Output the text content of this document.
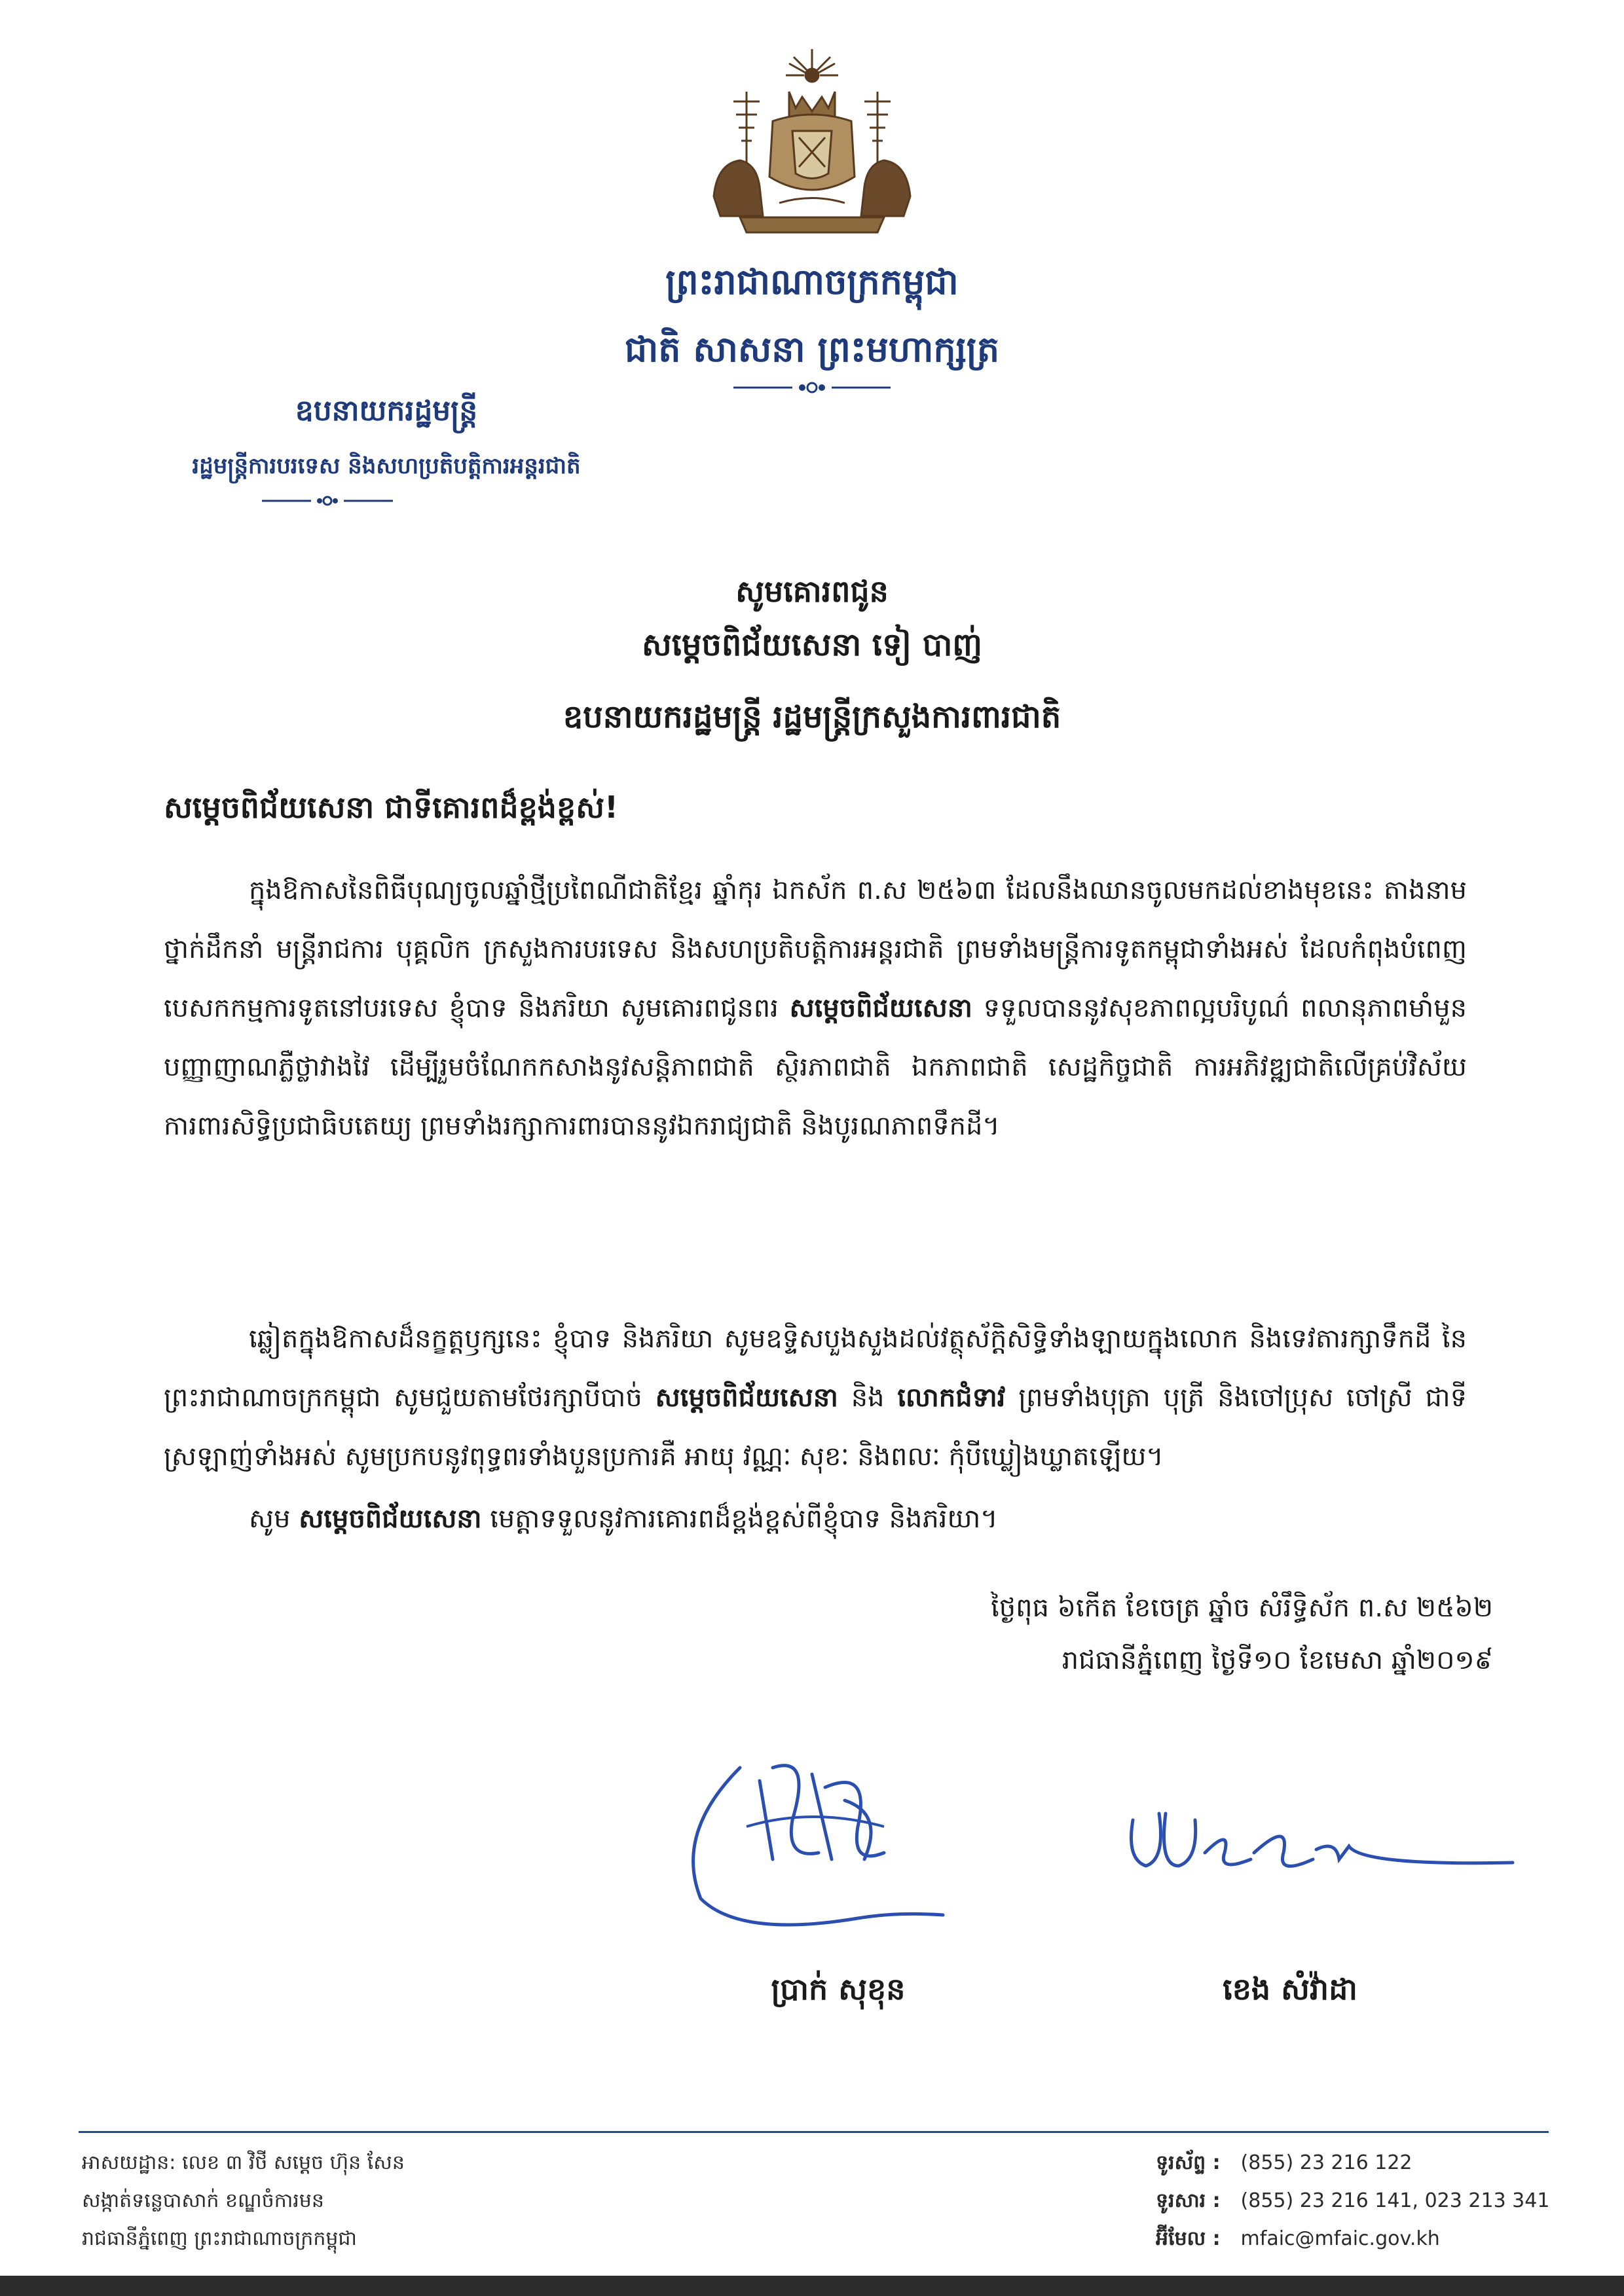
ព្រះរាជាណាចក្រកម្ពុជា
ជាតិ សាសនា ព្រះមហាក្សត្រ
ឧបនាយករដ្ឋមន្ត្រី
រដ្ឋមន្ត្រីការបរទេស និងសហប្រតិបត្តិការអន្តរជាតិ
សូមគោរពជូន
សម្តេចពិជ័យសេនា ទៀ បាញ់
ឧបនាយករដ្ឋមន្ត្រី រដ្ឋមន្ត្រីក្រសួងការពារជាតិ
សម្តេចពិជ័យសេនា ជាទីគោរពដ៏ខ្ពង់ខ្ពស់!
ក្នុងឱកាសនៃពិធីបុណ្យចូលឆ្នាំថ្មីប្រពៃណីជាតិខ្មែរ ឆ្នាំកុរ ឯកស័ក ព.ស ២៥៦៣ ដែលនឹងឈានចូលមកដល់ខាងមុខនេះ តាងនាមថ្នាក់ដឹកនាំ មន្ត្រីរាជការ បុគ្គលិក ក្រសួងការបរទេស និងសហប្រតិបត្តិការអន្តរជាតិ ព្រមទាំងមន្ត្រីការទូតកម្ពុជាទាំងអស់ ដែលកំពុងបំពេញបេសកកម្មការទូតនៅបរទេស ខ្ញុំបាទ និងភរិយា សូមគោរពជូនពរ សម្តេចពិជ័យសេនា ទទួលបាននូវសុខភាពល្អបរិបូណ៌ ពលានុភាពមាំមួន បញ្ញាញាណភ្លឺថ្លាវាងវៃ ដើម្បីរួមចំណែកកសាងនូវសន្តិភាពជាតិ ស្ថិរភាពជាតិ ឯកភាពជាតិ សេដ្ឋកិច្ចជាតិ ការអភិវឌ្ឍជាតិលើគ្រប់វិស័យ ការពារសិទ្ធិប្រជាធិបតេយ្យ ព្រមទាំងរក្សាការពារបាននូវឯករាជ្យជាតិ និងបូរណភាពទឹកដី។
ឆ្លៀតក្នុងឱកាសដ៏នក្ខត្តឫក្សនេះ ខ្ញុំបាទ និងភរិយា សូមឧទ្ទិសបួងសួងដល់វត្ថុស័ក្តិសិទ្ធិទាំងឡាយក្នុងលោក និងទេវតារក្សាទឹកដី នៃព្រះរាជាណាចក្រកម្ពុជា សូមជួយតាមថែរក្សាបីបាច់ សម្តេចពិជ័យសេនា និង លោកជំទាវ ព្រមទាំងបុត្រា បុត្រី និងចៅប្រុស ចៅស្រី ជាទីស្រឡាញ់ទាំងអស់ សូមប្រកបនូវពុទ្ធពរទាំងបួនប្រការគឺ អាយុ វណ្ណៈ សុខៈ និងពលៈ កុំបីឃ្លៀងឃ្លាតឡើយ។
សូម សម្តេចពិជ័យសេនា មេត្តាទទួលនូវការគោរពដ៏ខ្ពង់ខ្ពស់ពីខ្ញុំបាទ និងភរិយា។
ថ្ងៃពុធ ៦កើត ខែចេត្រ ឆ្នាំច សំរឹទ្ធិស័ក ព.ស ២៥៦២
រាជធានីភ្នំពេញ ថ្ងៃទី១០ ខែមេសា ឆ្នាំ២០១៩
ប្រាក់ សុខុន	ខេង សំវ៉ាដា
អាសយដ្ឋាន: លេខ ៣ វិថី សម្តេច ហ៊ុន សែន
សង្កាត់ទន្លេបាសាក់ ខណ្ឌចំការមន
រាជធានីភ្នំពេញ ព្រះរាជាណាចក្រកម្ពុជា
ទូរស័ព្ទ : (855) 23 216 122
ទូរសារ : (855) 23 216 141, 023 213 341
អ៊ីមែល : mfaic@mfaic.gov.kh
